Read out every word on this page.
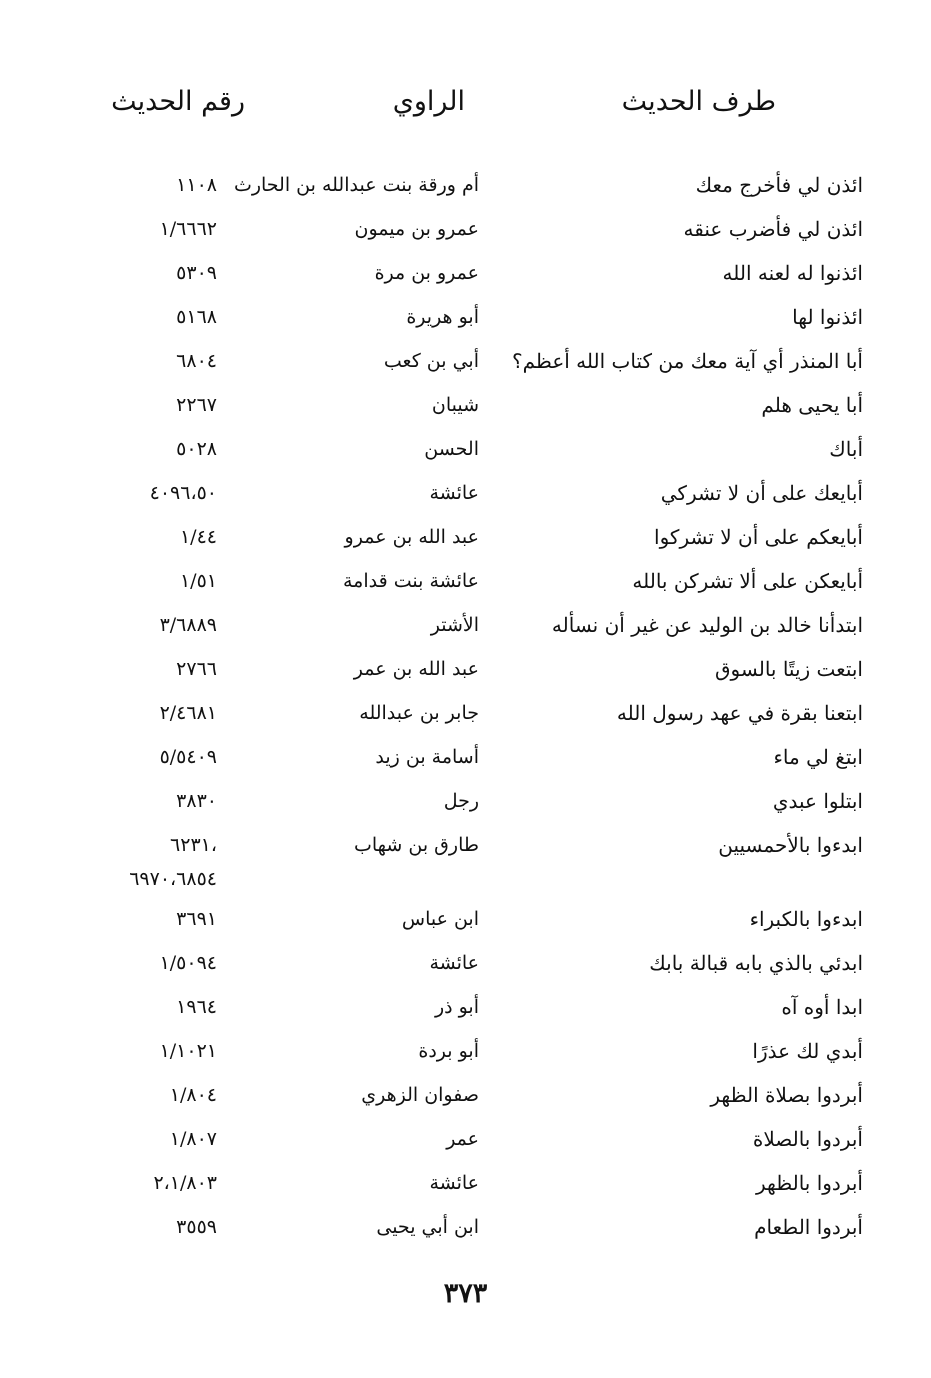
طرف الحديث
الراوي
رقم الحديث
ائذن لي فأخرج معك
أم ورقة بنت عبدالله بن الحارث
١١٠٨
ائذن لي فأضرب عنقه
عمرو بن ميمون
١/٦٦٦٢
ائذنوا له لعنه الله
عمرو بن مرة
٥٣٠٩
ائذنوا لها
أبو هريرة
٥١٦٨
أبا المنذر أي آية معك من كتاب الله أعظم؟
أبي بن كعب
٦٨٠٤
أبا يحيى هلم
شيبان
٢٢٦٧
أباك
الحسن
٥٠٢٨
أبايعك على أن لا تشركي
عائشة
٤٠٩٦،٥٠
أبايعكم على أن لا تشركوا
عبد الله بن عمرو
١/٤٤
أبايعكن على ألا تشركن بالله
عائشة بنت قدامة
١/٥١
ابتدأنا خالد بن الوليد عن غير أن نسأله
الأشتر
٣/٦٨٨٩
ابتعت زيتًا بالسوق
عبد الله بن عمر
٢٧٦٦
ابتعنا بقرة في عهد رسول الله
جابر بن عبدالله
٢/٤٦٨١
ابتغ لي ماء
أسامة بن زيد
٥/٥٤٠٩
ابتلوا عبدي
رجل
٣٨٣٠
ابدءوا بالأحمسيين
طارق بن شهاب
،٦٢٣١
٦٩٧٠،٦٨٥٤
ابدءوا بالكبراء
ابن عباس
٣٦٩١
ابدئي بالذي بابه قبالة بابك
عائشة
١/٥٠٩٤
ابدا أوه آه
أبو ذر
١٩٦٤
أبدي لك عذرًا
أبو بردة
١/١٠٢١
أبردوا بصلاة الظهر
صفوان الزهري
١/٨٠٤
أبردوا بالصلاة
عمر
١/٨٠٧
أبردوا بالظهر
عائشة
٢،١/٨٠٣
أبردوا الطعام
ابن أبي يحيى
٣٥٥٩
٣٧٣
